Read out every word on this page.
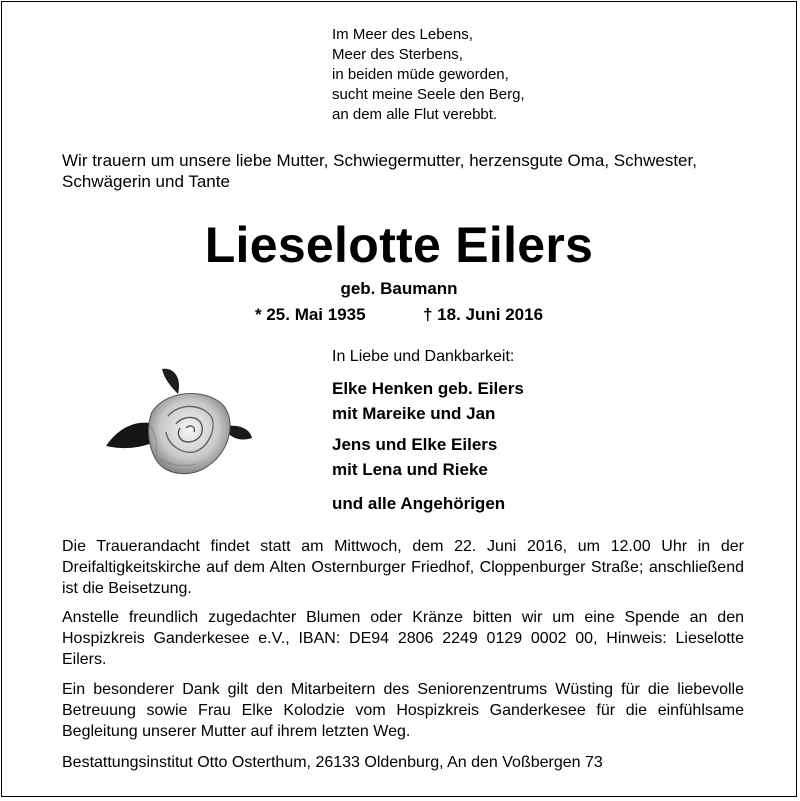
Im Meer des Lebens,
Meer des Sterbens,
in beiden müde geworden,
sucht meine Seele den Berg,
an dem alle Flut verebbt.
Wir trauern um unsere liebe Mutter, Schwiegermutter, herzensgute Oma, Schwester, Schwägerin und Tante
Lieselotte Eilers
geb. Baumann
* 25. Mai 1935	† 18. Juni 2016
In Liebe und Dankbarkeit:
Elke Henken geb. Eilers
mit Mareike und Jan
Jens und Elke Eilers
mit Lena und Rieke
und alle Angehörigen
Die Trauerandacht findet statt am Mittwoch, dem 22. Juni 2016, um 12.00 Uhr in der Dreifaltigkeitskirche auf dem Alten Osternburger Friedhof, Cloppenburger Straße; anschließend ist die Beisetzung.
Anstelle freundlich zugedachter Blumen oder Kränze bitten wir um eine Spende an den Hospizkreis Ganderkesee e.V., IBAN: DE94 2806 2249 0129 0002 00, Hinweis: Lieselotte Eilers.
Ein besonderer Dank gilt den Mitarbeitern des Seniorenzentrums Wüsting für die liebevolle Betreuung sowie Frau Elke Kolodzie vom Hospizkreis Ganderkesee für die einfühlsame Begleitung unserer Mutter auf ihrem letzten Weg.
Bestattungsinstitut Otto Osterthum, 26133 Oldenburg, An den Voßbergen 73
